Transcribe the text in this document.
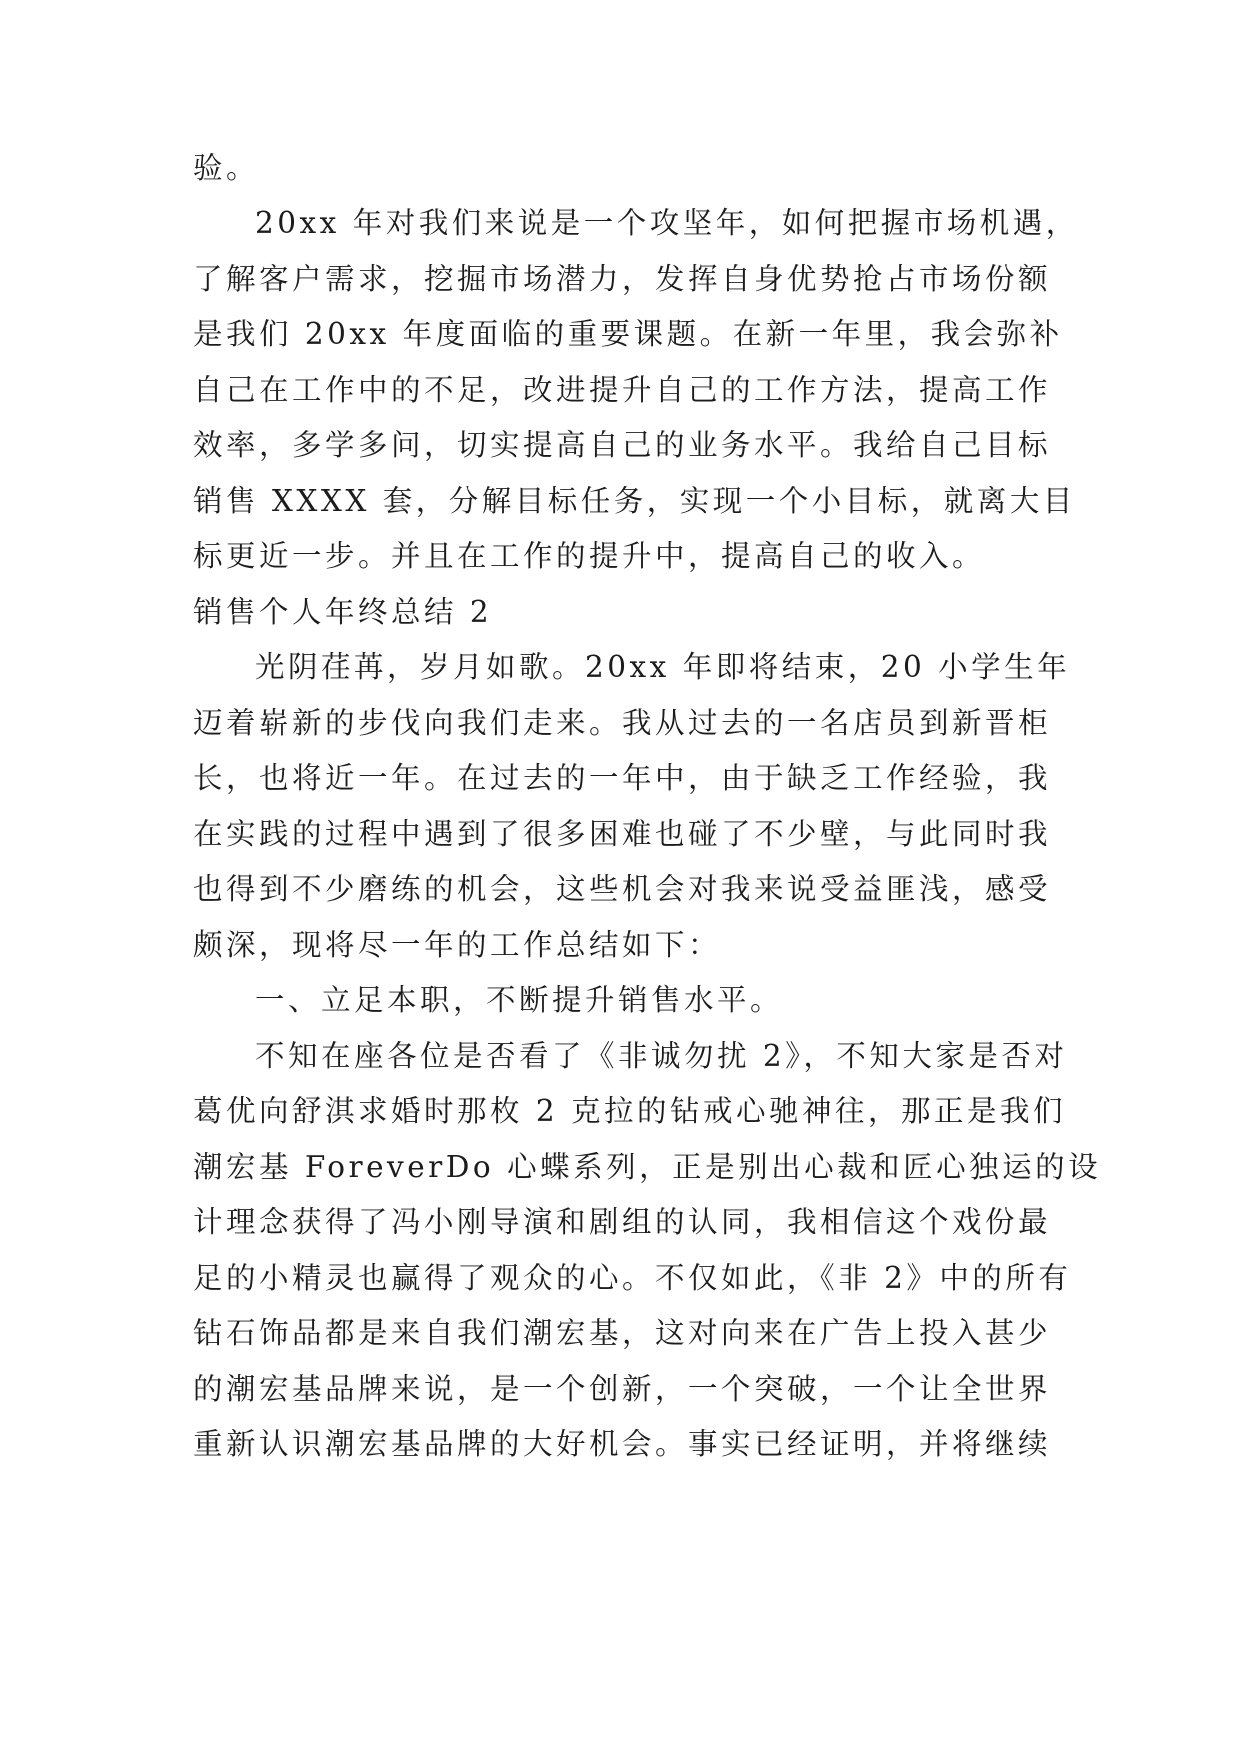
验。
20xx 年对我们来说是一个攻坚年，如何把握市场机遇，
了解客户需求，挖掘市场潜力，发挥自身优势抢占市场份额
是我们 20xx 年度面临的重要课题。在新一年里，我会弥补
自己在工作中的不足，改进提升自己的工作方法，提高工作
效率，多学多问，切实提高自己的业务水平。我给自己目标
销售 XXXX 套，分解目标任务，实现一个小目标，就离大目
标更近一步。并且在工作的提升中，提高自己的收入。
销售个人年终总结 2
光阴荏苒，岁月如歌。20xx 年即将结束，20 小学生年
迈着崭新的步伐向我们走来。我从过去的一名店员到新晋柜
长，也将近一年。在过去的一年中，由于缺乏工作经验，我
在实践的过程中遇到了很多困难也碰了不少壁，与此同时我
也得到不少磨练的机会，这些机会对我来说受益匪浅，感受
颇深，现将尽一年的工作总结如下：
一、立足本职，不断提升销售水平。
不知在座各位是否看了《非诚勿扰 2》，不知大家是否对
葛优向舒淇求婚时那枚 2 克拉的钻戒心驰神往，那正是我们
潮宏基 ForeverDo 心蝶系列，正是别出心裁和匠心独运的设
计理念获得了冯小刚导演和剧组的认同，我相信这个戏份最
足的小精灵也赢得了观众的心。不仅如此，《非 2》中的所有
钻石饰品都是来自我们潮宏基，这对向来在广告上投入甚少
的潮宏基品牌来说，是一个创新，一个突破，一个让全世界
重新认识潮宏基品牌的大好机会。事实已经证明，并将继续
